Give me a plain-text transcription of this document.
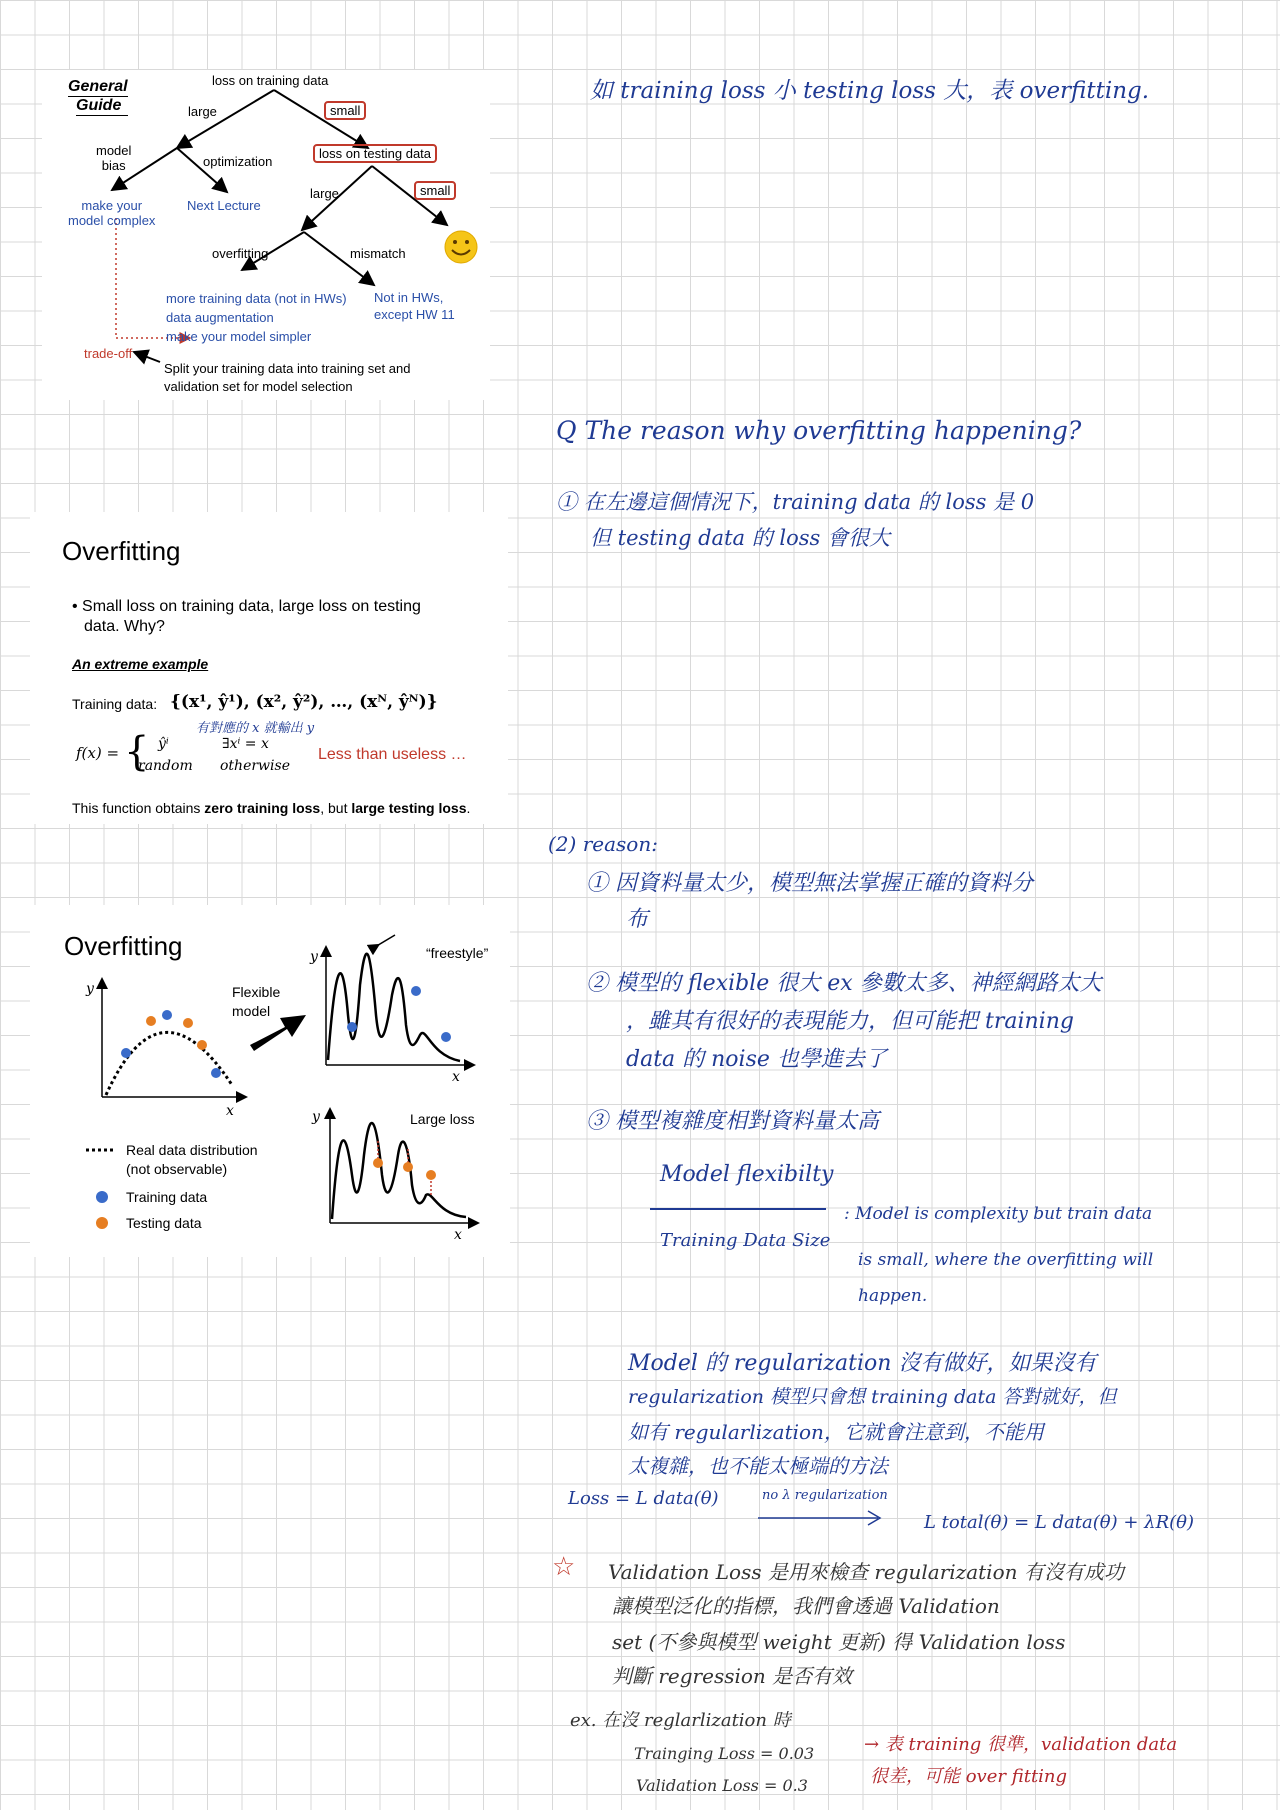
General
Guide
loss on training data
large	small
model
bias	optimization
make your
model complex
Next Lecture
loss on testing data
large	small
overfitting	mismatch
more training data (not in HWs)
data augmentation
make your model simpler
Not in HWs,
except HW 11
trade-off
Split your training data into training set and
validation set for model selection
Overfitting
• Small loss on training data, large loss on testing
data. Why?
An extreme example
Training data: {(x¹, ŷ¹), (x², ŷ²), …, (xᴺ, ŷᴺ)}
有對應的 x 就輸出 y
f(x) = { ŷⁱ	∃xⁱ = x
random otherwise
Less than useless …
This function obtains zero training loss, but large testing loss.
Overfitting
y
x
Flexible
model
“freestyle”
y
x
y
x
Large loss
Real data distribution
(not observable)
Training data
Testing data
如 training loss 小 testing loss 大，表 overfitting.
Q The reason why overfitting happening?
① 在左邊這個情況下，training data 的 loss 是 0
但 testing data 的 loss 會很大
(2) reason:
① 因資料量太少，模型無法掌握正確的資料分
布
② 模型的 flexible 很大 ex 參數太多、神經網路太大
，雖其有很好的表現能力，但可能把 training
data 的 noise 也學進去了
③ 模型複雜度相對資料量太高
Model flexibilty
Training Data Size
: Model is complexity but train data
is small, where the overfitting will
happen.
Model 的 regularization 沒有做好，如果沒有
regularization 模型只會想 training data 答對就好，但
如有 regularlization，它就會注意到，不能用
太複雜，也不能太極端的方法
Loss = L data(θ)	no λ regularization
L total(θ) = L data(θ) + λR(θ)
☆ Validation Loss 是用來檢查 regularization 有沒有成功
讓模型泛化的指標，我們會透過 Validation
set (不參與模型 weight 更新) 得 Validation loss
判斷 regression 是否有效
ex. 在沒 reglarlization 時
Trainging Loss = 0.03
Validation Loss = 0.3
→ 表 training 很準，validation data
很差，可能 over fitting
